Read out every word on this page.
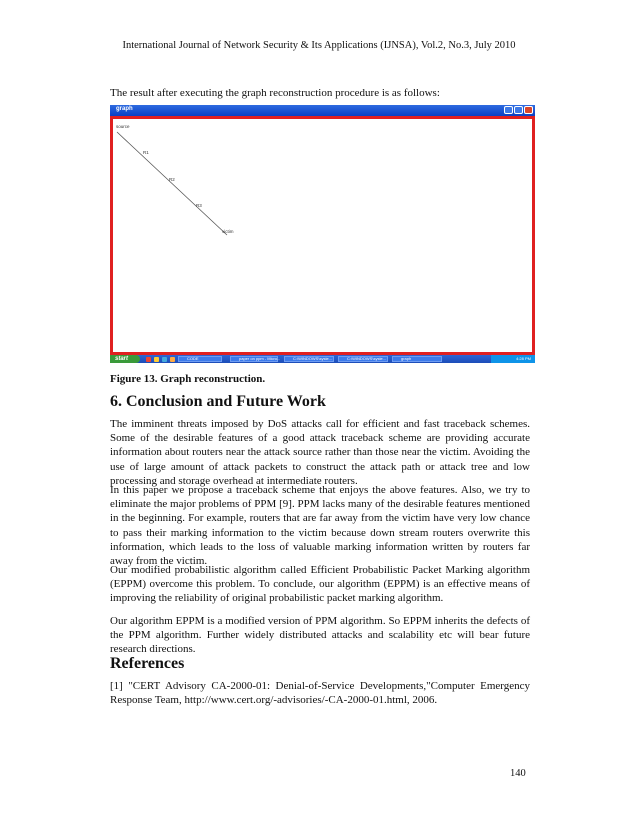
International Journal of Network Security & Its Applications (IJNSA), Vol.2, No.3, July 2010
The result after executing the graph reconstruction procedure is as follows:
graph
source
R1
R2
R3
victim
start	CODE	paper on ppm - Micro...	C:\WINDOWS\syste...	C:\WINDOWS\syste...	graph	4:28 PM
Figure 13. Graph reconstruction.
6. Conclusion and Future Work

The imminent threats imposed by DoS attacks call for efficient and fast traceback schemes. Some of the desirable features of a good attack traceback scheme are providing accurate information about routers near the attack source rather than those near the victim. Avoiding the use of large amount of attack packets to construct the attack path or attack tree and low processing and storage overhead at intermediate routers.

In this paper we propose a traceback scheme that enjoys the above features. Also, we try to eliminate the major problems of PPM [9]. PPM lacks many of the desirable features mentioned in the beginning. For example, routers that are far away from the victim have very low chance to pass their marking information to the victim because down stream routers overwrite this information, which leads to the loss of valuable marking information written by routers far away from the victim.

Our modified probabilistic algorithm called Efficient Probabilistic Packet Marking algorithm (EPPM) overcome this problem. To conclude, our algorithm (EPPM) is an effective means of improving the reliability of original probabilistic packet marking algorithm.

Our algorithm EPPM is a modified version of PPM algorithm. So EPPM inherits the defects of the PPM algorithm. Further widely distributed attacks and scalability etc will bear future research directions.

References

[1] "CERT Advisory CA-2000-01: Denial-of-Service Developments,"Computer Emergency Response Team, http://www.cert.org/-advisories/-CA-2000-01.html, 2006.

140
